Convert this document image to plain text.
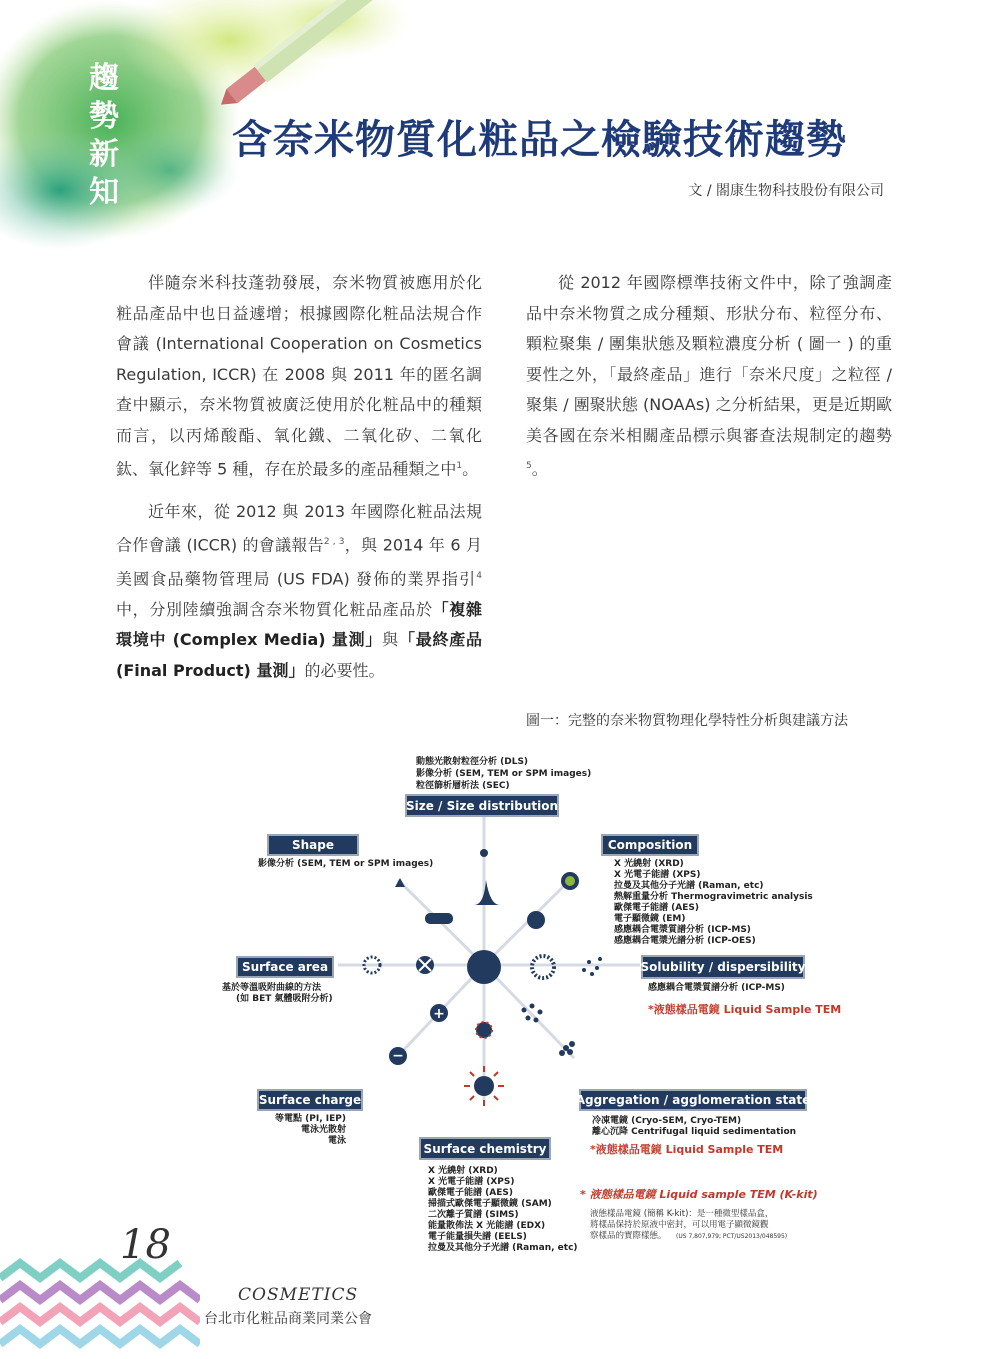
趨
勢
新
知
含奈米物質化粧品之檢驗技術趨勢
文 / 閤康生物科技股份有限公司

伴隨奈米科技蓬勃發展，奈米物質被應用於化粧品產品中也日益遽增；根據國際化粧品法規合作會議 (International Cooperation on Cosmetics Regulation, ICCR) 在 2008 與 2011 年的匿名調查中顯示，奈米物質被廣泛使用於化粧品中的種類而言，以丙烯酸酯、氧化鐵、二氧化矽、二氧化鈦、氧化鋅等 5 種，存在於最多的產品種類之中$^1$。

近年來，從 2012 與 2013 年國際化粧品法規合作會議 (ICCR) 的會議報告$^{2 , 3}$，與 2014 年 6 月美國食品藥物管理局 (US FDA) 發佈的業界指引$^4$中，分別陸續強調含奈米物質化粧品產品於「複雜環境中 (Complex Media) 量測」與「最終產品 (Final Product) 量測」的必要性。

從 2012 年國際標準技術文件中，除了強調產品中奈米物質之成分種類、形狀分布、粒徑分布、顆粒聚集 / 團集狀態及顆粒濃度分析 ( 圖一 ) 的重要性之外，「最終產品」進行「奈米尺度」之粒徑 / 聚集 / 團聚狀態 (NOAAs) 之分析結果，更是近期歐美各國在奈米相關產品標示與審查法規制定的趨勢$^5$。

圖一：完整的奈米物質物理化學特性分析與建議方法
+
−
動態光散射粒徑分析 (DLS)
影像分析 (SEM, TEM or SPM images)
粒徑篩析層析法 (SEC)
Size / Size distribution
Shape
影像分析 (SEM, TEM or SPM images)
Composition
X 光繞射 (XRD)
X 光電子能譜 (XPS)
拉曼及其他分子光譜 (Raman, etc)
熱解重量分析 Thermogravimetric analysis
歐傑電子能譜 (AES)
電子顯微鏡 (EM)
感應耦合電漿質譜分析 (ICP-MS)
感應耦合電漿光譜分析 (ICP-OES)
Surface area
基於等溫吸附曲線的方法
(如 BET 氣體吸附分析)
Solubility / dispersibility
感應耦合電漿質譜分析 (ICP-MS)
*液態樣品電鏡 Liquid Sample TEM
Surface charge
等電點 (PI, IEP)
電泳光散射
電泳
Aggregation / agglomeration state
冷凍電鏡 (Cryo-SEM, Cryo-TEM)
離心沉降 Centrifugal liquid sedimentation
*液態樣品電鏡 Liquid Sample TEM
Surface chemistry
X 光繞射 (XRD)
X 光電子能譜 (XPS)
歐傑電子能譜 (AES)
掃描式歐傑電子顯微鏡 (SAM)
二次離子質譜 (SIMS)
能量散佈法 X 光能譜 (EDX)
電子能量損失譜 (EELS)
拉曼及其他分子光譜 (Raman, etc)
* 液態樣品電鏡 Liquid sample TEM (K-kit)
液態樣品電鏡 (簡稱 K-kit)：是一種微型樣品盒，
將樣品保持於原液中密封，可以用電子顯微鏡觀
察樣品的實際樣態。 (US 7,807,979; PCT/US2013/048595)
18
COSMETICS
台北市化粧品商業同業公會
